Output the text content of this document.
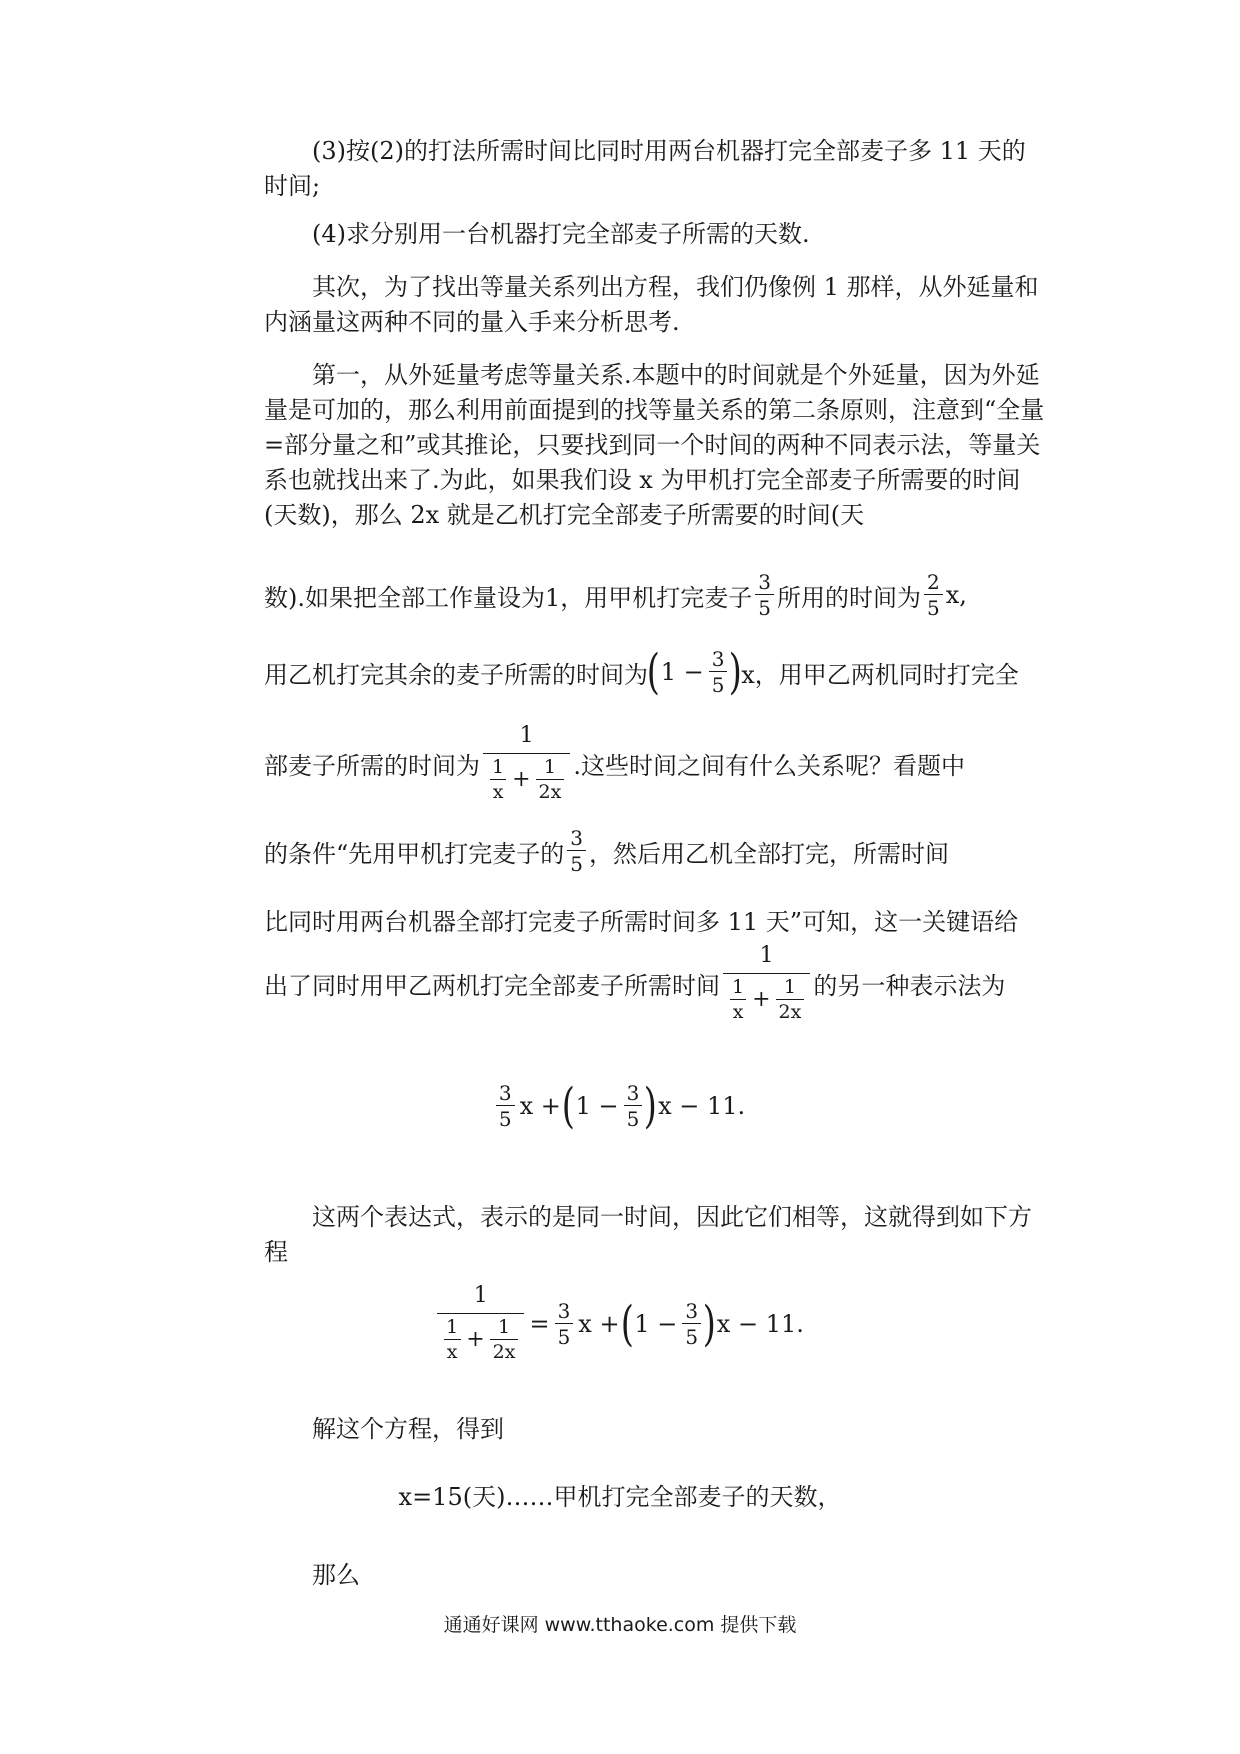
(3)按(2)的打法所需时间比同时用两台机器打完全部麦子多 11 天的时间;

(4)求分别用一台机器打完全部麦子所需的天数.

其次，为了找出等量关系列出方程，我们仍像例 1 那样，从外延量和内涵量这两种不同的量入手来分析思考.

第一，从外延量考虑等量关系.本题中的时间就是个外延量，因为外延量是可加的，那么利用前面提到的找等量关系的第二条原则，注意到“全量=部分量之和”或其推论，只要找到同一个时间的两种不同表示法，等量关系也就找出来了.为此，如果我们设 x 为甲机打完全部麦子所需要的时间(天数)，那么 2x 就是乙机打完全部麦子所需要的时间(天

数).如果把全部工作量设为1，用甲机打完麦子 $\frac{3}{5}$ 所用的时间为 $\frac{2}{5} x$,
用乙机打完其余的麦子所需的时间为
( $1 - \frac{3}{5}$ )
x，用甲乙两机同时打完全
部麦子所需的时间为 $\frac{1}{\frac{1}{x} + \frac{1}{2x}}$ .这些时间之间有什么关系呢？看题中
的条件“先用甲机打完麦子的 $\frac{3}{5}$ ，然后用乙机全部打完，所需时间

比同时用两台机器全部打完麦子所需时间多 11 天”可知，这一关键语给

出了同时用甲乙两机打完全部麦子所需时间 $\frac{1}{\frac{1}{x} + \frac{1}{2x}}$ 的另一种表示法为
$\frac{3}{5}$ x + ( $1 - \frac{3}{5}$ ) x − 11.

这两个表达式，表示的是同一时间，因此它们相等，这就得到如下方程

$\frac{1}{\frac{1}{x} + \frac{1}{2x}} = \frac{3}{5}$ x + ( $1 - \frac{3}{5}$ ) x − 11.

解这个方程，得到

x=15(天)……甲机打完全部麦子的天数，

那么

通通好课网 www.tthaoke.com 提供下载
